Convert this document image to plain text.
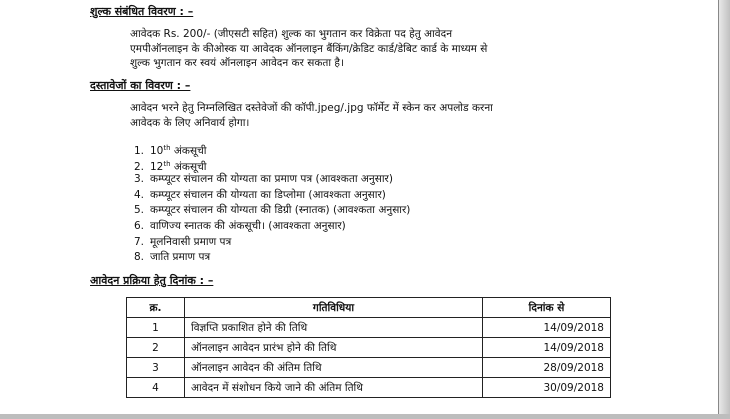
शुल्क संबंधित विवरण : –
आवेदक Rs. 200/- (जीएसटी सहित) शुल्क का भुगतान कर विक्रेता पद हेतु आवेदन
एमपीऑनलाइन के कीओस्क या आवेदक ऑनलाइन बैंकिंग/क्रेडिट कार्ड/डेबिट कार्ड के माध्यम से
शुल्क भुगतान कर स्वयं ऑनलाइन आवेदन कर सकता है।
दस्तावेजों का विवरण : –
आवेदन भरने हेतु निम्नलिखित दस्तेवेजों की कॉपी.jpeg/.jpg फॉर्मेट में स्केन कर अपलोड करना
आवेदक के लिए अनिवार्य होगा।
1. 10th अंकसूची
2. 12th अंकसूची
3. कम्प्यूटर संचालन की योग्यता का प्रमाण पत्र (आवश्कता अनुसार)
4. कम्प्यूटर संचालन की योग्यता का डिप्लोमा (आवश्कता अनुसार)
5. कम्प्यूटर संचालन की योग्यता की डिग्री (स्नातक) (आवश्कता अनुसार)
6. वाणिज्य स्नातक की अंकसूची। (आवश्कता अनुसार)
7. मूलनिवासी प्रमाण पत्र
8. जाति प्रमाण पत्र
आवेदन प्रक्रिया हेतु दिनांक : –
क्र.	गतिविधिया	दिनांक से
1	विज्ञप्ति प्रकाशित होने की तिथि	14/09/2018
2	ऑनलाइन आवेदन प्रारंभ होने की तिथि	14/09/2018
3	ऑनलाइन आवेदन की अंतिम तिथि	28/09/2018
4	आवेदन में संशोधन किये जाने की अंतिम तिथि	30/09/2018
